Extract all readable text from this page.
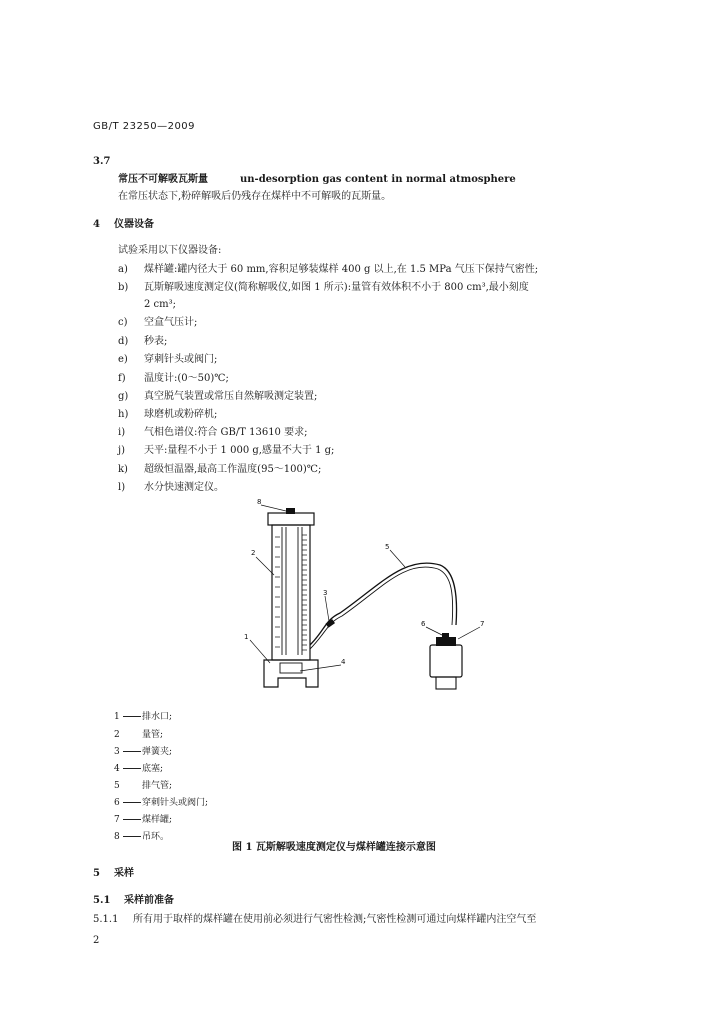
GB/T 23250—2009
3.7
常压不可解吸瓦斯量	un-desorption gas content in normal atmosphere
在常压状态下,粉碎解吸后仍残存在煤样中不可解吸的瓦斯量。
4 仪器设备
试验采用以下仪器设备:
a)	煤样罐:罐内径大于 60 mm,容积足够装煤样 400 g 以上,在 1.5 MPa 气压下保持气密性;
b)	瓦斯解吸速度测定仪(简称解吸仪,如图 1 所示):量管有效体积不小于 800 cm³,最小刻度
2 cm³;
c)	空盒气压计;
d)	秒表;
e)	穿刺针头或阀门;
f)	温度计:(0～50)℃;
g)	真空脱气装置或常压自然解吸测定装置;
h)	球磨机或粉碎机;
i)	气相色谱仪:符合 GB/T 13610 要求;
j)	天平:量程不小于 1 000 g,感量不大于 1 g;
k)	超级恒温器,最高工作温度(95～100)℃;
l)	水分快速测定仪。
8
2
3
1
4
5
6	7
1 排水口;
2 量管;
3 弹簧夹;
4 底塞;
5 排气管;
6 穿刺针头或阀门;
7 煤样罐;
8 吊环。
图 1 瓦斯解吸速度测定仪与煤样罐连接示意图
5 采样
5.1 采样前准备
5.1.1 所有用于取样的煤样罐在使用前必须进行气密性检测;气密性检测可通过向煤样罐内注空气至
2
